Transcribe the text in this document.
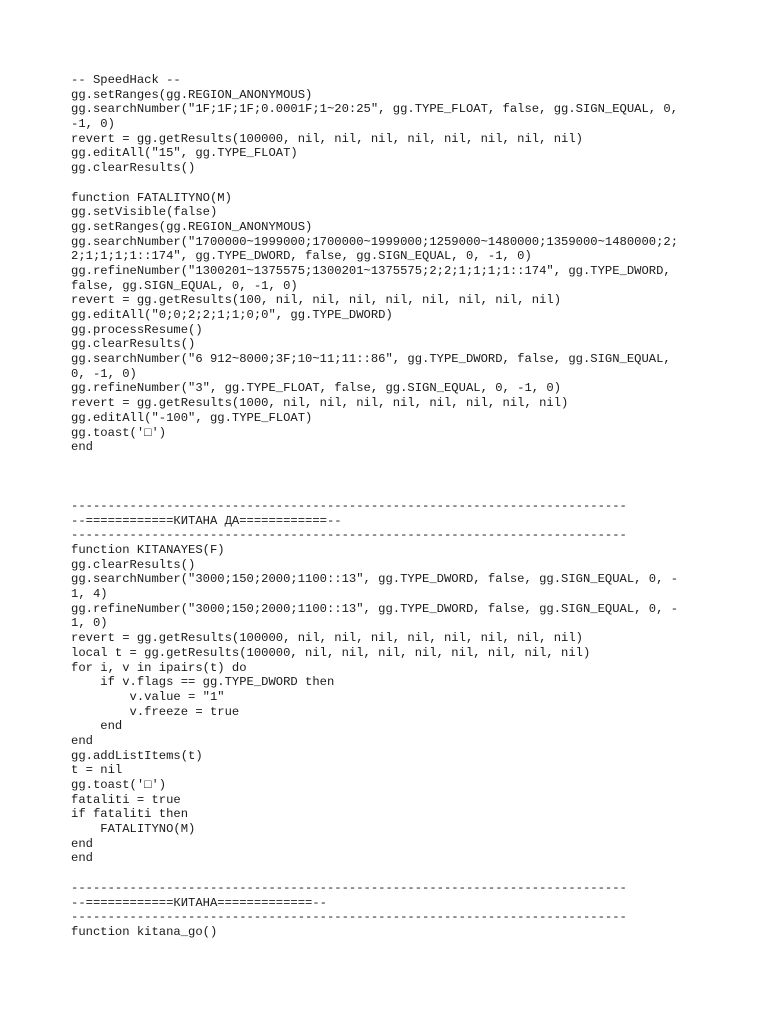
-- SpeedHack --
gg.setRanges(gg.REGION_ANONYMOUS)
gg.searchNumber("1F;1F;1F;0.0001F;1~20:25", gg.TYPE_FLOAT, false, gg.SIGN_EQUAL, 0,
-1, 0)
revert = gg.getResults(100000, nil, nil, nil, nil, nil, nil, nil, nil)
gg.editAll("15", gg.TYPE_FLOAT)
gg.clearResults()
function FATALITYNO(M)
gg.setVisible(false)
gg.setRanges(gg.REGION_ANONYMOUS)
gg.searchNumber("1700000~1999000;1700000~1999000;1259000~1480000;1359000~1480000;2;
2;1;1;1;1::174", gg.TYPE_DWORD, false, gg.SIGN_EQUAL, 0, -1, 0)
gg.refineNumber("1300201~1375575;1300201~1375575;2;2;1;1;1;1::174", gg.TYPE_DWORD,
false, gg.SIGN_EQUAL, 0, -1, 0)
revert = gg.getResults(100, nil, nil, nil, nil, nil, nil, nil, nil)
gg.editAll("0;0;2;2;1;1;0;0", gg.TYPE_DWORD)
gg.processResume()
gg.clearResults()
gg.searchNumber("6 912~8000;3F;10~11;11::86", gg.TYPE_DWORD, false, gg.SIGN_EQUAL,
0, -1, 0)
gg.refineNumber("3", gg.TYPE_FLOAT, false, gg.SIGN_EQUAL, 0, -1, 0)
revert = gg.getResults(1000, nil, nil, nil, nil, nil, nil, nil, nil)
gg.editAll("-100", gg.TYPE_FLOAT)
gg.toast('□')
end
----------------------------------------------------------------------------
--============КИТАНА ДА============--
----------------------------------------------------------------------------
function KITANAYES(F)
gg.clearResults()
gg.searchNumber("3000;150;2000;1100::13", gg.TYPE_DWORD, false, gg.SIGN_EQUAL, 0, -
1, 4)
gg.refineNumber("3000;150;2000;1100::13", gg.TYPE_DWORD, false, gg.SIGN_EQUAL, 0, -
1, 0)
revert = gg.getResults(100000, nil, nil, nil, nil, nil, nil, nil, nil)
local t = gg.getResults(100000, nil, nil, nil, nil, nil, nil, nil, nil)
for i, v in ipairs(t) do
if v.flags == gg.TYPE_DWORD then
v.value = "1"
v.freeze = true
end
end
gg.addListItems(t)
t = nil
gg.toast('□')
fataliti = true
if fataliti then
FATALITYNO(M)
end
end
----------------------------------------------------------------------------
--============КИТАНА=============--
----------------------------------------------------------------------------
function kitana_go()
